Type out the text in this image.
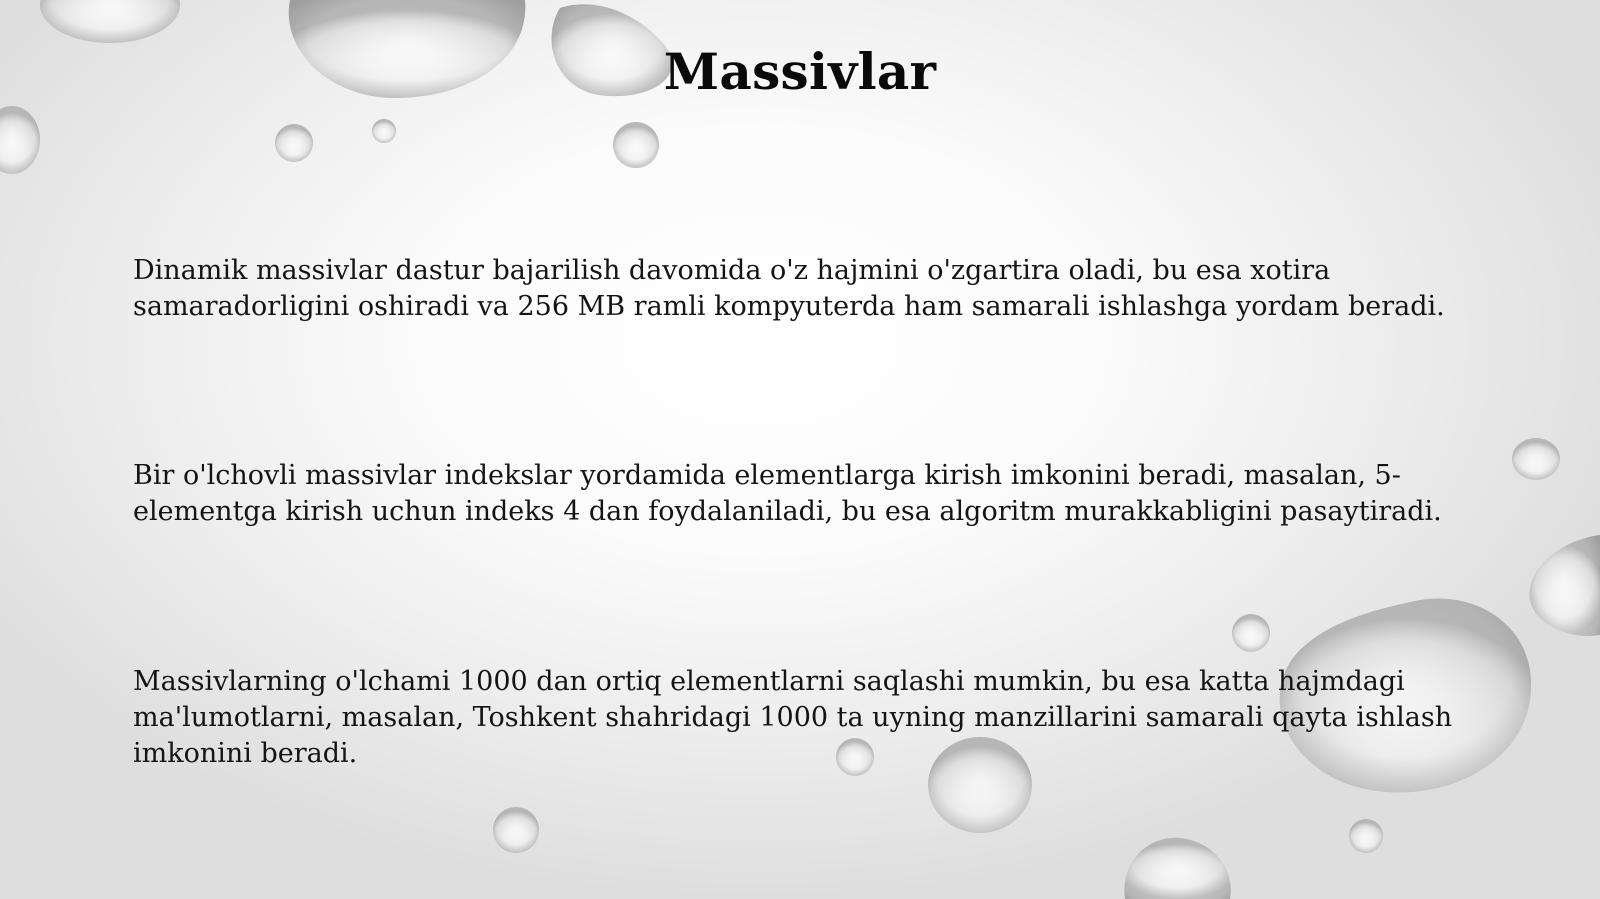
Massivlar

Dinamik massivlar dastur bajarilish davomida o'z hajmini o'zgartira oladi, bu esa xotira samaradorligini oshiradi va 256 MB ramli kompyuterda ham samarali ishlashga yordam beradi.

Bir o'lchovli massivlar indekslar yordamida elementlarga kirish imkonini beradi, masalan, 5-elementga kirish uchun indeks 4 dan foydalaniladi, bu esa algoritm murakkabligini pasaytiradi.

Massivlarning o'lchami 1000 dan ortiq elementlarni saqlashi mumkin, bu esa katta hajmdagi ma'lumotlarni, masalan, Toshkent shahridagi 1000 ta uyning manzillarini samarali qayta ishlash imkonini beradi.
